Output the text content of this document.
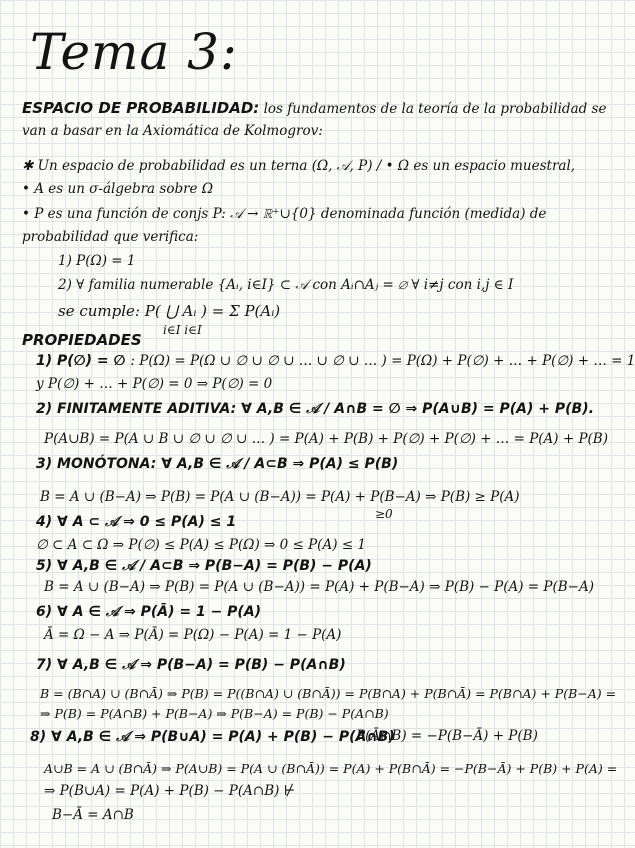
Tema 3:
ESPACIO DE PROBABILIDAD: los fundamentos de la teoría de la probabilidad se
van a basar en la Axiomática de Kolmogrov:
✱ Un espacio de probabilidad es un terna (Ω, 𝒜, P) / • Ω es un espacio muestral,
• A es un σ-álgebra sobre Ω
• P es una función de conjs P: 𝒜 → ℝ⁺∪{0} denominada función (medida) de
probabilidad que verifica:
1) P(Ω) = 1
2) ∀ familia numerable {Aᵢ, i∈I} ⊂ 𝒜 con Aᵢ∩Aⱼ = ∅ ∀ i≠j con i,j ∈ I
se cumple: P( ⋃ Aᵢ ) = Σ P(Aᵢ)
i∈I i∈I
PROPIEDADES
1) P(∅) = ∅ : P(Ω) = P(Ω ∪ ∅ ∪ ∅ ∪ … ∪ ∅ ∪ … ) = P(Ω) + P(∅) + … + P(∅) + … = 1
y P(∅) + … + P(∅) = 0 ⇒ P(∅) = 0
2) FINITAMENTE ADITIVA: ∀ A,B ∈ 𝒜 / A∩B = ∅ ⇒ P(A∪B) = P(A) + P(B).
P(A∪B) = P(A ∪ B ∪ ∅ ∪ ∅ ∪ … ) = P(A) + P(B) + P(∅) + P(∅) + … = P(A) + P(B)
3) MONÓTONA: ∀ A,B ∈ 𝒜 / A⊂B ⇒ P(A) ≤ P(B)
B = A ∪ (B−A) ⇒ P(B) = P(A ∪ (B−A)) = P(A) + P(B−A) ⇒ P(B) ≥ P(A)
≥0
4) ∀ A ⊂ 𝒜 ⇒ 0 ≤ P(A) ≤ 1
∅ ⊂ A ⊂ Ω ⇒ P(∅) ≤ P(A) ≤ P(Ω) ⇒ 0 ≤ P(A) ≤ 1
5) ∀ A,B ∈ 𝒜 / A⊂B ⇒ P(B−A) = P(B) − P(A)
B = A ∪ (B−A) ⇒ P(B) = P(A ∪ (B−A)) = P(A) + P(B−A) ⇒ P(B) − P(A) = P(B−A)
6) ∀ A ∈ 𝒜 ⇒ P(Ā) = 1 − P(A)
Ā = Ω − A ⇒ P(Ā) = P(Ω) − P(A) = 1 − P(A)
7) ∀ A,B ∈ 𝒜 ⇒ P(B−A) = P(B) − P(A∩B)
B = (B∩A) ∪ (B∩Ā) ⇒ P(B) = P((B∩A) ∪ (B∩Ā)) = P(B∩A) + P(B∩Ā) = P(B∩A) + P(B−A) =
⇒ P(B) = P(A∩B) + P(B−A) ⇒ P(B−A) = P(B) − P(A∩B)
8) ∀ A,B ∈ 𝒜 ⇒ P(B∪A) = P(A) + P(B) − P(A∩B)
P(Ā∩B) = −P(B−Ā) + P(B)
A∪B = A ∪ (B∩Ā) ⇒ P(A∪B) = P(A ∪ (B∩Ā)) = P(A) + P(B∩Ā) = −P(B−Ā) + P(B) + P(A) =
⇒ P(B∪A) = P(A) + P(B) − P(A∩B) ⊬
B−Ā = A∩B
